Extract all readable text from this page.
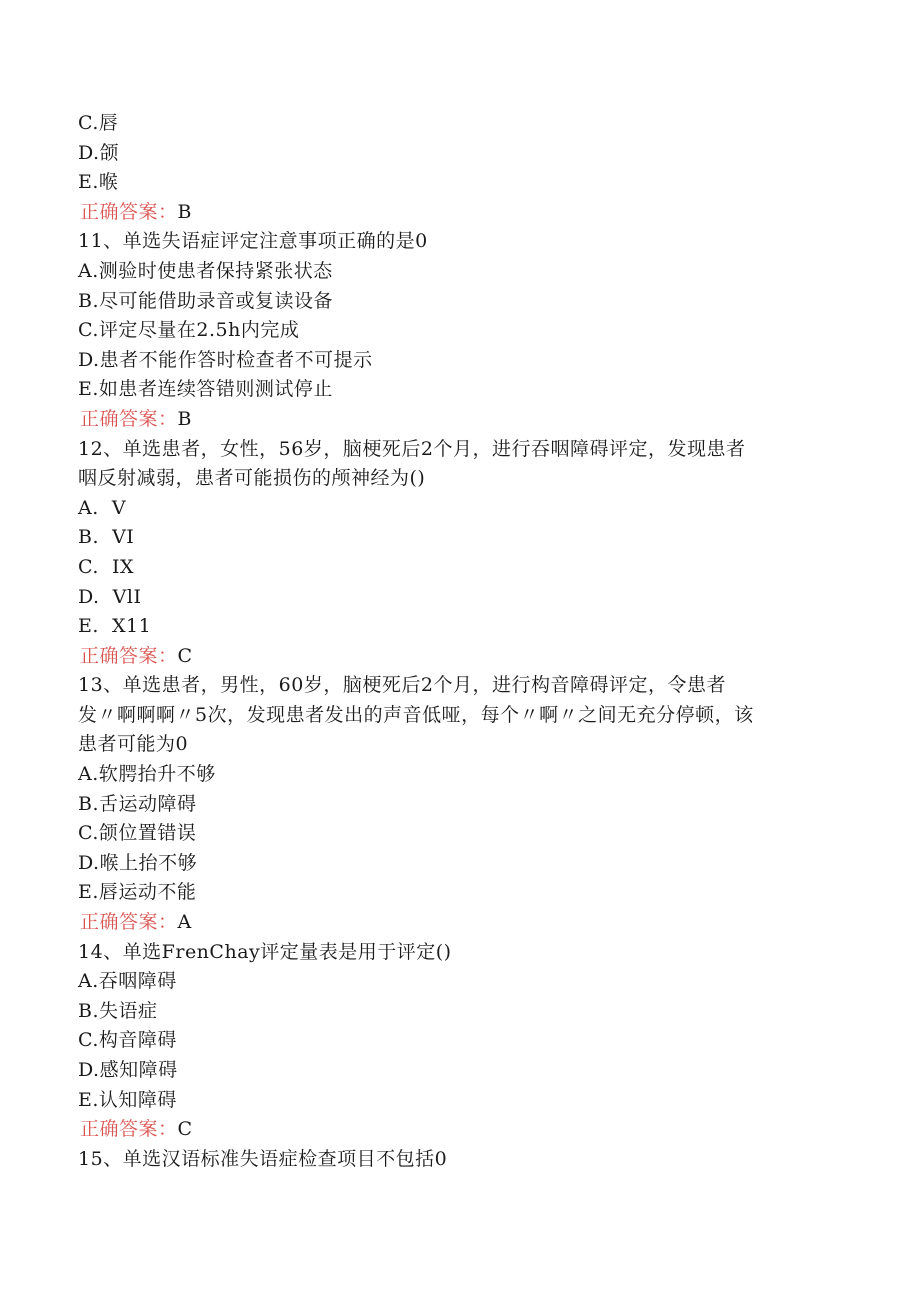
C.唇
D.颌
E.喉
正确答案：B
11、单选失语症评定注意事项正确的是0
A.测验时使患者保持紧张状态
B.尽可能借助录音或复读设备
C.评定尽量在2.5h内完成
D.患者不能作答时检查者不可提示
E.如患者连续答错则测试停止
正确答案：B
12、单选患者，女性，56岁，脑梗死后2个月，进行吞咽障碍评定，发现患者
咽反射减弱，患者可能损伤的颅神经为()
A.  V
B.  VI
C.  IX
D.  VlI
E.  X11
正确答案：C
13、单选患者，男性，60岁，脑梗死后2个月，进行构音障碍评定，令患者
发〃啊啊啊〃5次，发现患者发出的声音低哑，每个〃啊〃之间无充分停顿，该
患者可能为0
A.软腭抬升不够
B.舌运动障碍
C.颌位置错误
D.喉上抬不够
E.唇运动不能
正确答案：A
14、单选FrenChay评定量表是用于评定()
A.吞咽障碍
B.失语症
C.构音障碍
D.感知障碍
E.认知障碍
正确答案：C
15、单选汉语标准失语症检查项目不包括0
